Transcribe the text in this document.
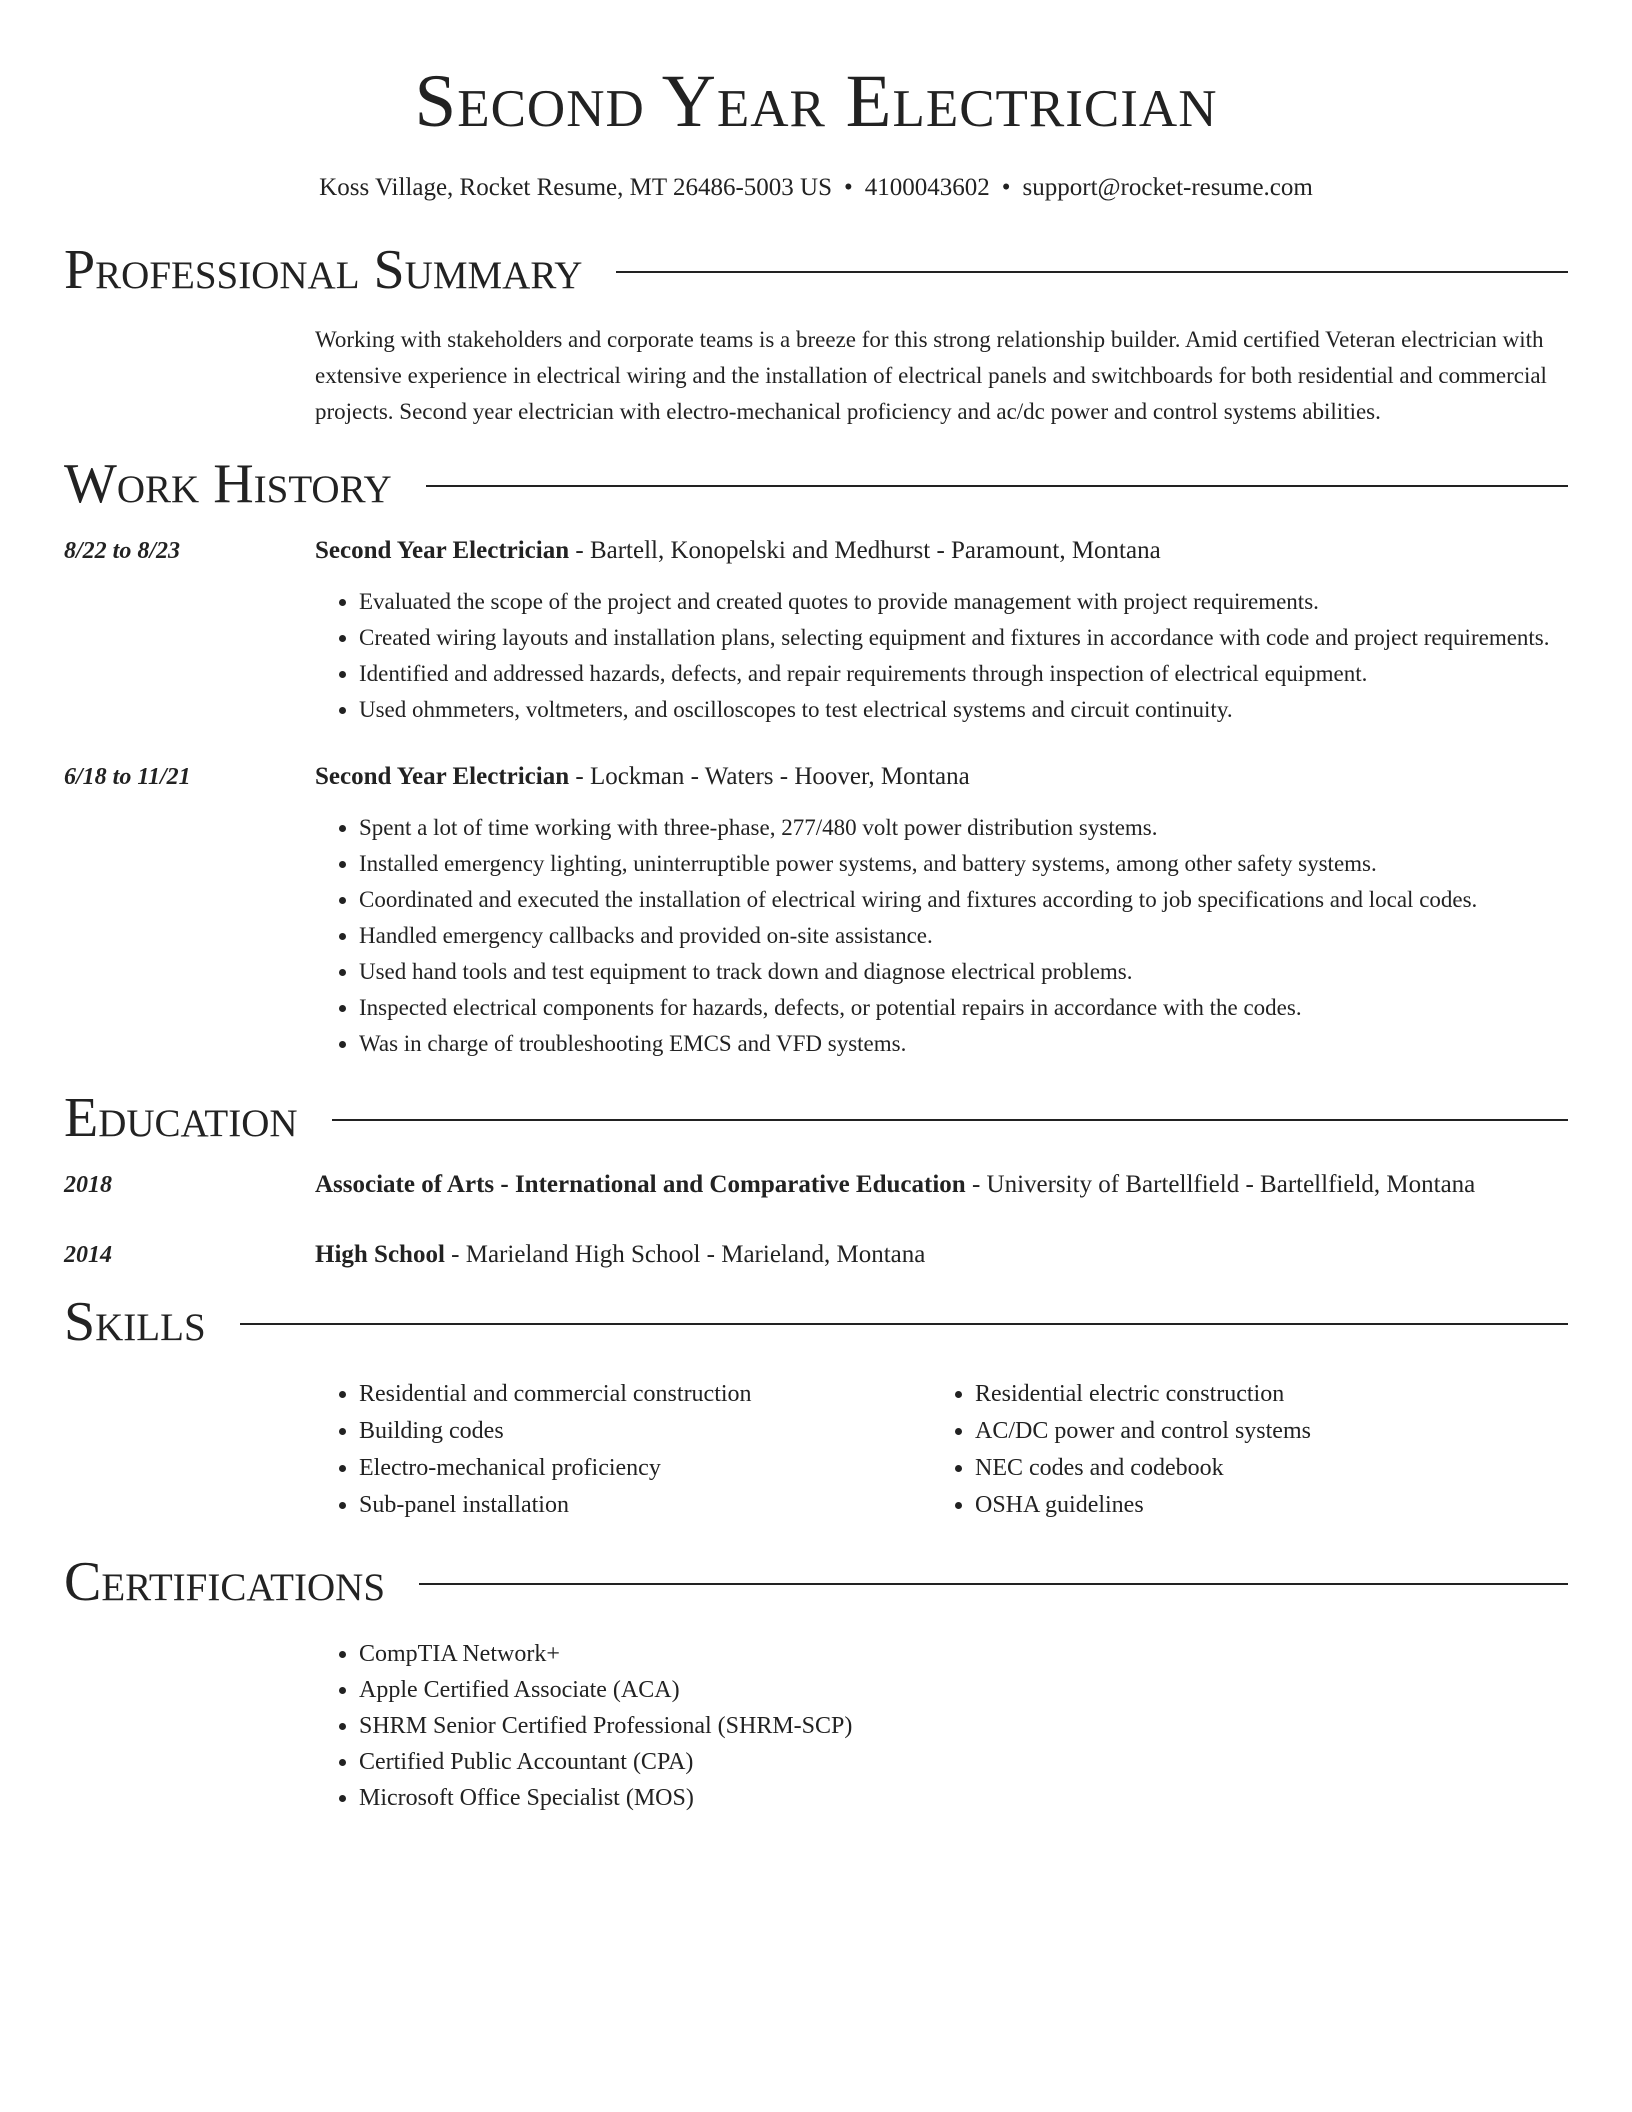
Second Year Electrician
Koss Village, Rocket Resume, MT 26486-5003 US • 4100043602 • support@rocket-resume.com
Professional Summary
Working with stakeholders and corporate teams is a breeze for this strong relationship builder. Amid certified Veteran electrician with extensive experience in electrical wiring and the installation of electrical panels and switchboards for both residential and commercial projects. Second year electrician with electro-mechanical proficiency and ac/dc power and control systems abilities.
Work History
8/22 to 8/23	Second Year Electrician - Bartell, Konopelski and Medhurst - Paramount, Montana
• Evaluated the scope of the project and created quotes to provide management with project requirements.
• Created wiring layouts and installation plans, selecting equipment and fixtures in accordance with code and project requirements.
• Identified and addressed hazards, defects, and repair requirements through inspection of electrical equipment.
• Used ohmmeters, voltmeters, and oscilloscopes to test electrical systems and circuit continuity.
6/18 to 11/21	Second Year Electrician - Lockman - Waters - Hoover, Montana
• Spent a lot of time working with three-phase, 277/480 volt power distribution systems.
• Installed emergency lighting, uninterruptible power systems, and battery systems, among other safety systems.
• Coordinated and executed the installation of electrical wiring and fixtures according to job specifications and local codes.
• Handled emergency callbacks and provided on-site assistance.
• Used hand tools and test equipment to track down and diagnose electrical problems.
• Inspected electrical components for hazards, defects, or potential repairs in accordance with the codes.
• Was in charge of troubleshooting EMCS and VFD systems.
Education
2018	Associate of Arts - International and Comparative Education - University of Bartellfield - Bartellfield, Montana
2014	High School - Marieland High School - Marieland, Montana
Skills
• Residential and commercial construction
• Building codes
• Electro-mechanical proficiency
• Sub-panel installation
• Residential electric construction
• AC/DC power and control systems
• NEC codes and codebook
• OSHA guidelines
Certifications
• CompTIA Network+
• Apple Certified Associate (ACA)
• SHRM Senior Certified Professional (SHRM-SCP)
• Certified Public Accountant (CPA)
• Microsoft Office Specialist (MOS)
